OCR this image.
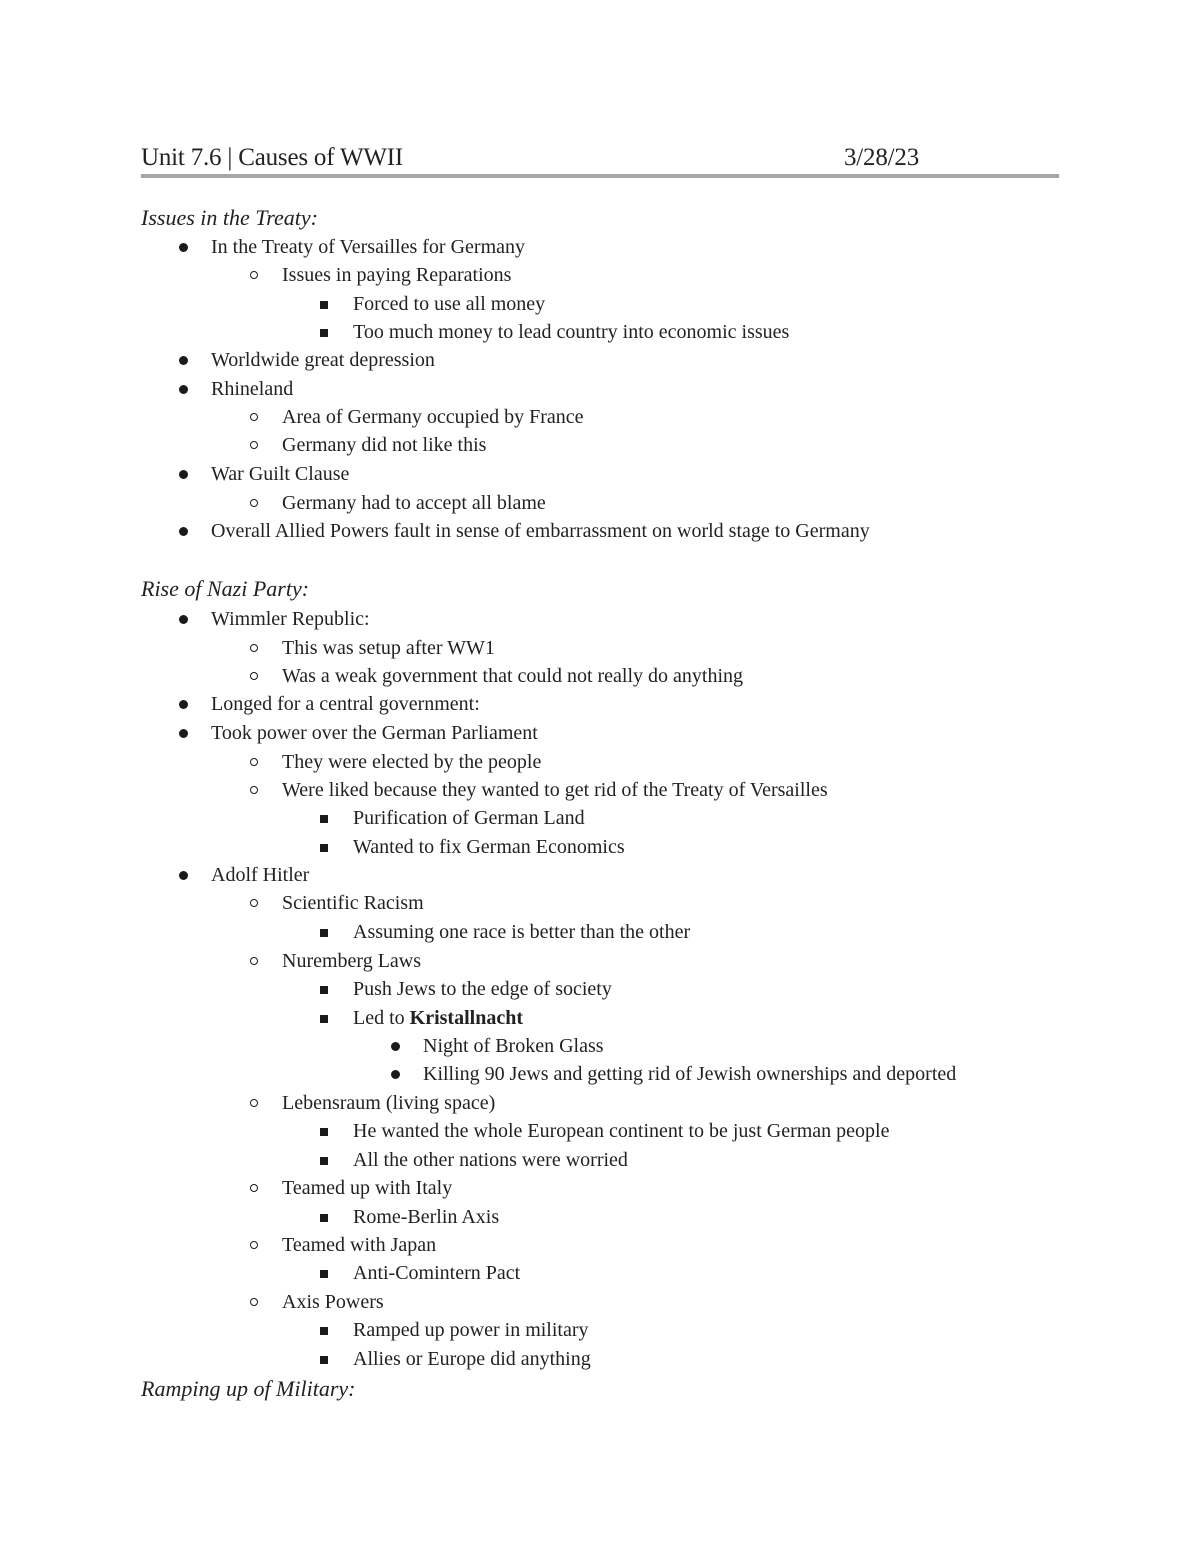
Unit 7.6 | Causes of WWII	3/28/23
Issues in the Treaty:
In the Treaty of Versailles for Germany
Issues in paying Reparations
Forced to use all money
Too much money to lead country into economic issues
Worldwide great depression
Rhineland
Area of Germany occupied by France
Germany did not like this
War Guilt Clause
Germany had to accept all blame
Overall Allied Powers fault in sense of embarrassment on world stage to Germany
Rise of Nazi Party:
Wimmler Republic:
This was setup after WW1
Was a weak government that could not really do anything
Longed for a central government:
Took power over the German Parliament
They were elected by the people
Were liked because they wanted to get rid of the Treaty of Versailles
Purification of German Land
Wanted to fix German Economics
Adolf Hitler
Scientific Racism
Assuming one race is better than the other
Nuremberg Laws
Push Jews to the edge of society
Led to Kristallnacht
Night of Broken Glass
Killing 90 Jews and getting rid of Jewish ownerships and deported
Lebensraum (living space)
He wanted the whole European continent to be just German people
All the other nations were worried
Teamed up with Italy
Rome-Berlin Axis
Teamed with Japan
Anti-Comintern Pact
Axis Powers
Ramped up power in military
Allies or Europe did anything
Ramping up of Military:
